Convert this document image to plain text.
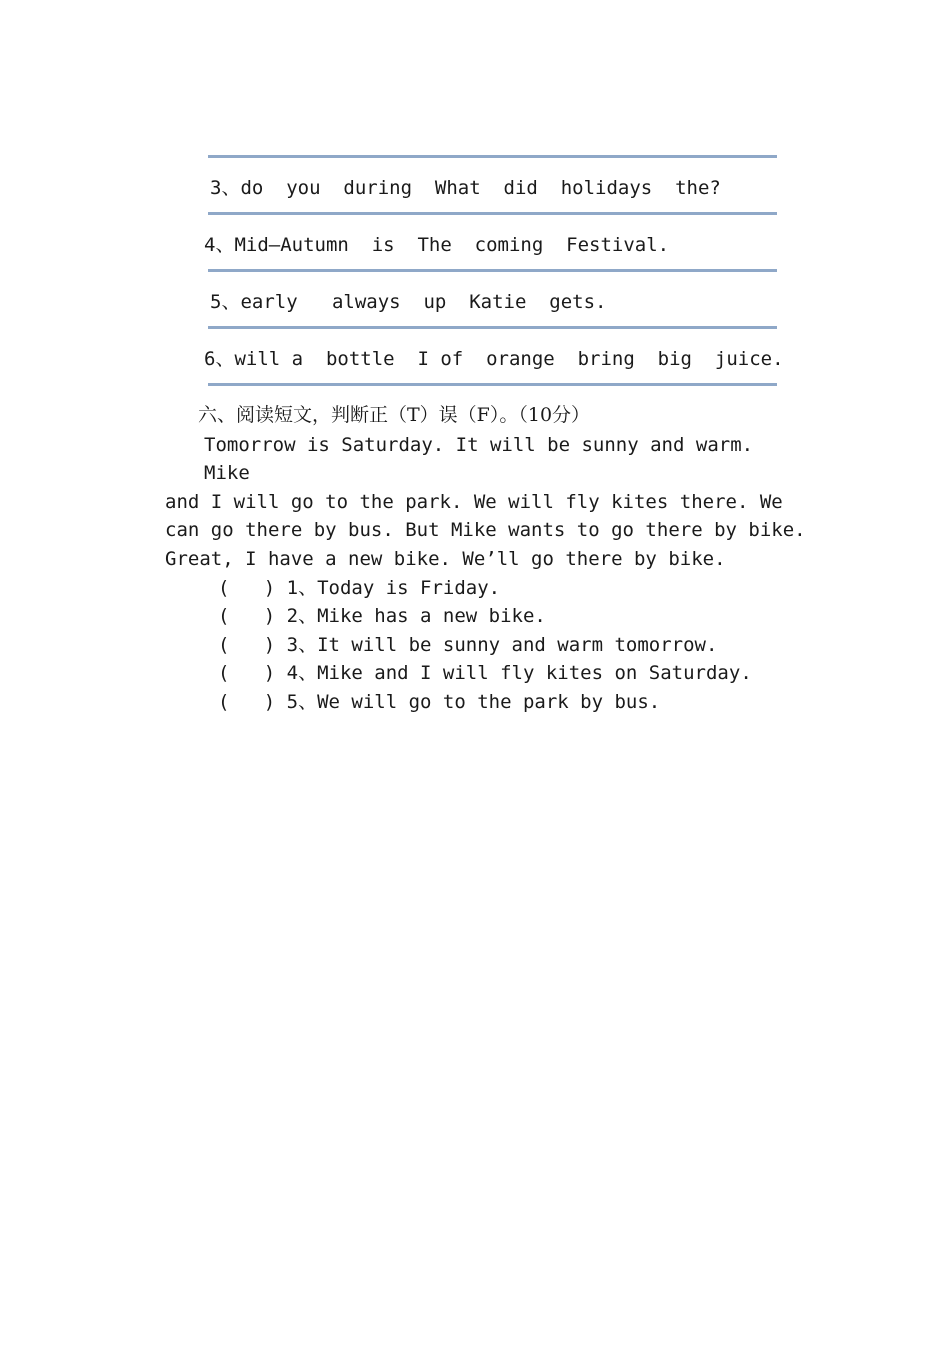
3、do  you  during  What  did  holidays  the?
4、Mid—Autumn  is  The  coming  Festival.
5、early   always  up  Katie  gets.
6、will a  bottle  I of  orange  bring  big  juice.
六、阅读短文，判断正（T）误（F）。（10分）
Tomorrow is Saturday. It will be sunny and warm.
Mike
and I will go to the park. We will fly kites there. We
can go there by bus. But Mike wants to go there by bike.
Great, I have a new bike. We’ll go there by bike.
(   ) 1、Today is Friday.
(   ) 2、Mike has a new bike.
(   ) 3、It will be sunny and warm tomorrow.
(   ) 4、Mike and I will fly kites on Saturday.
(   ) 5、We will go to the park by bus.
